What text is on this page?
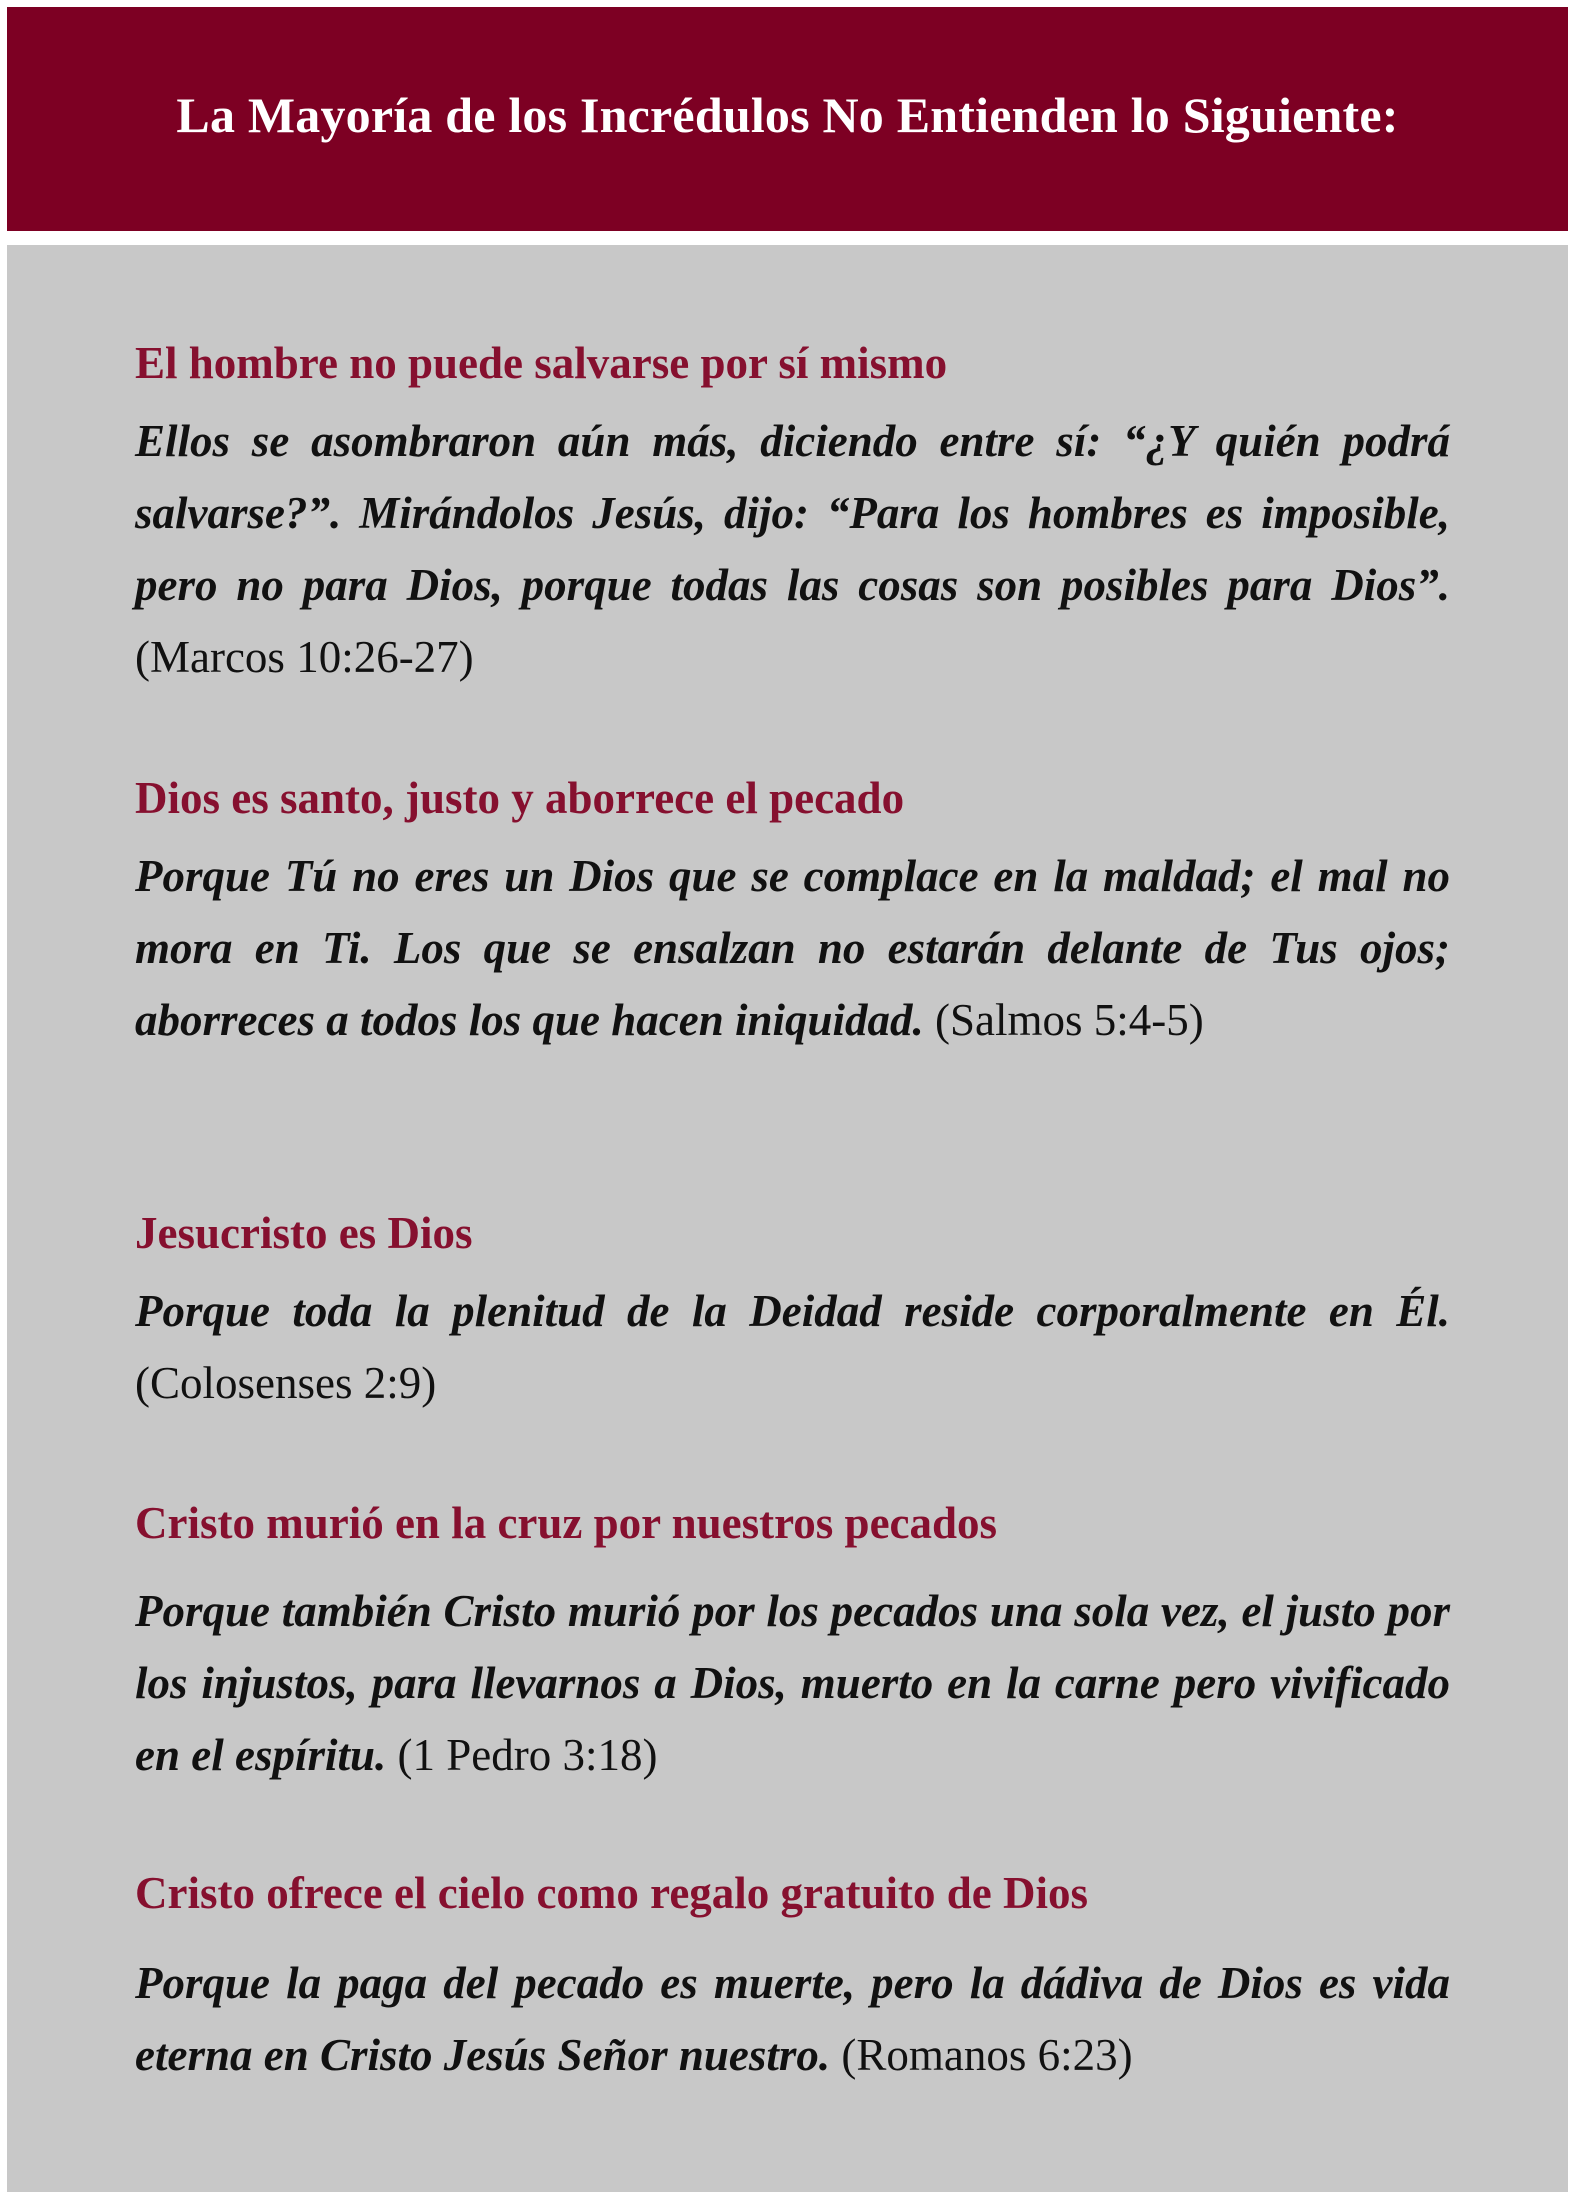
La Mayoría de los Incrédulos No Entienden lo Siguiente:
El hombre no puede salvarse por sí mismo

Ellos se asombraron aún más, diciendo entre sí: “¿Y quién podrá salvarse?”. Mirándolos Jesús, dijo: “Para los hombres es imposible, pero no para Dios, porque todas las cosas son posibles para Dios”. (Marcos 10:26-27)

Dios es santo, justo y aborrece el pecado

Porque Tú no eres un Dios que se complace en la maldad; el mal no mora en Ti. Los que se ensalzan no estarán delante de Tus ojos; aborreces a todos los que hacen iniquidad. (Salmos 5:4-5)

Jesucristo es Dios

Porque toda la plenitud de la Deidad reside corporalmente en Él. (Colosenses 2:9)

Cristo murió en la cruz por nuestros pecados

Porque también Cristo murió por los pecados una sola vez, el justo por los injustos, para llevarnos a Dios, muerto en la carne pero vivificado en el espíritu. (1 Pedro 3:18)

Cristo ofrece el cielo como regalo gratuito de Dios

Porque la paga del pecado es muerte, pero la dádiva de Dios es vida eterna en Cristo Jesús Señor nuestro. (Romanos 6:23)
